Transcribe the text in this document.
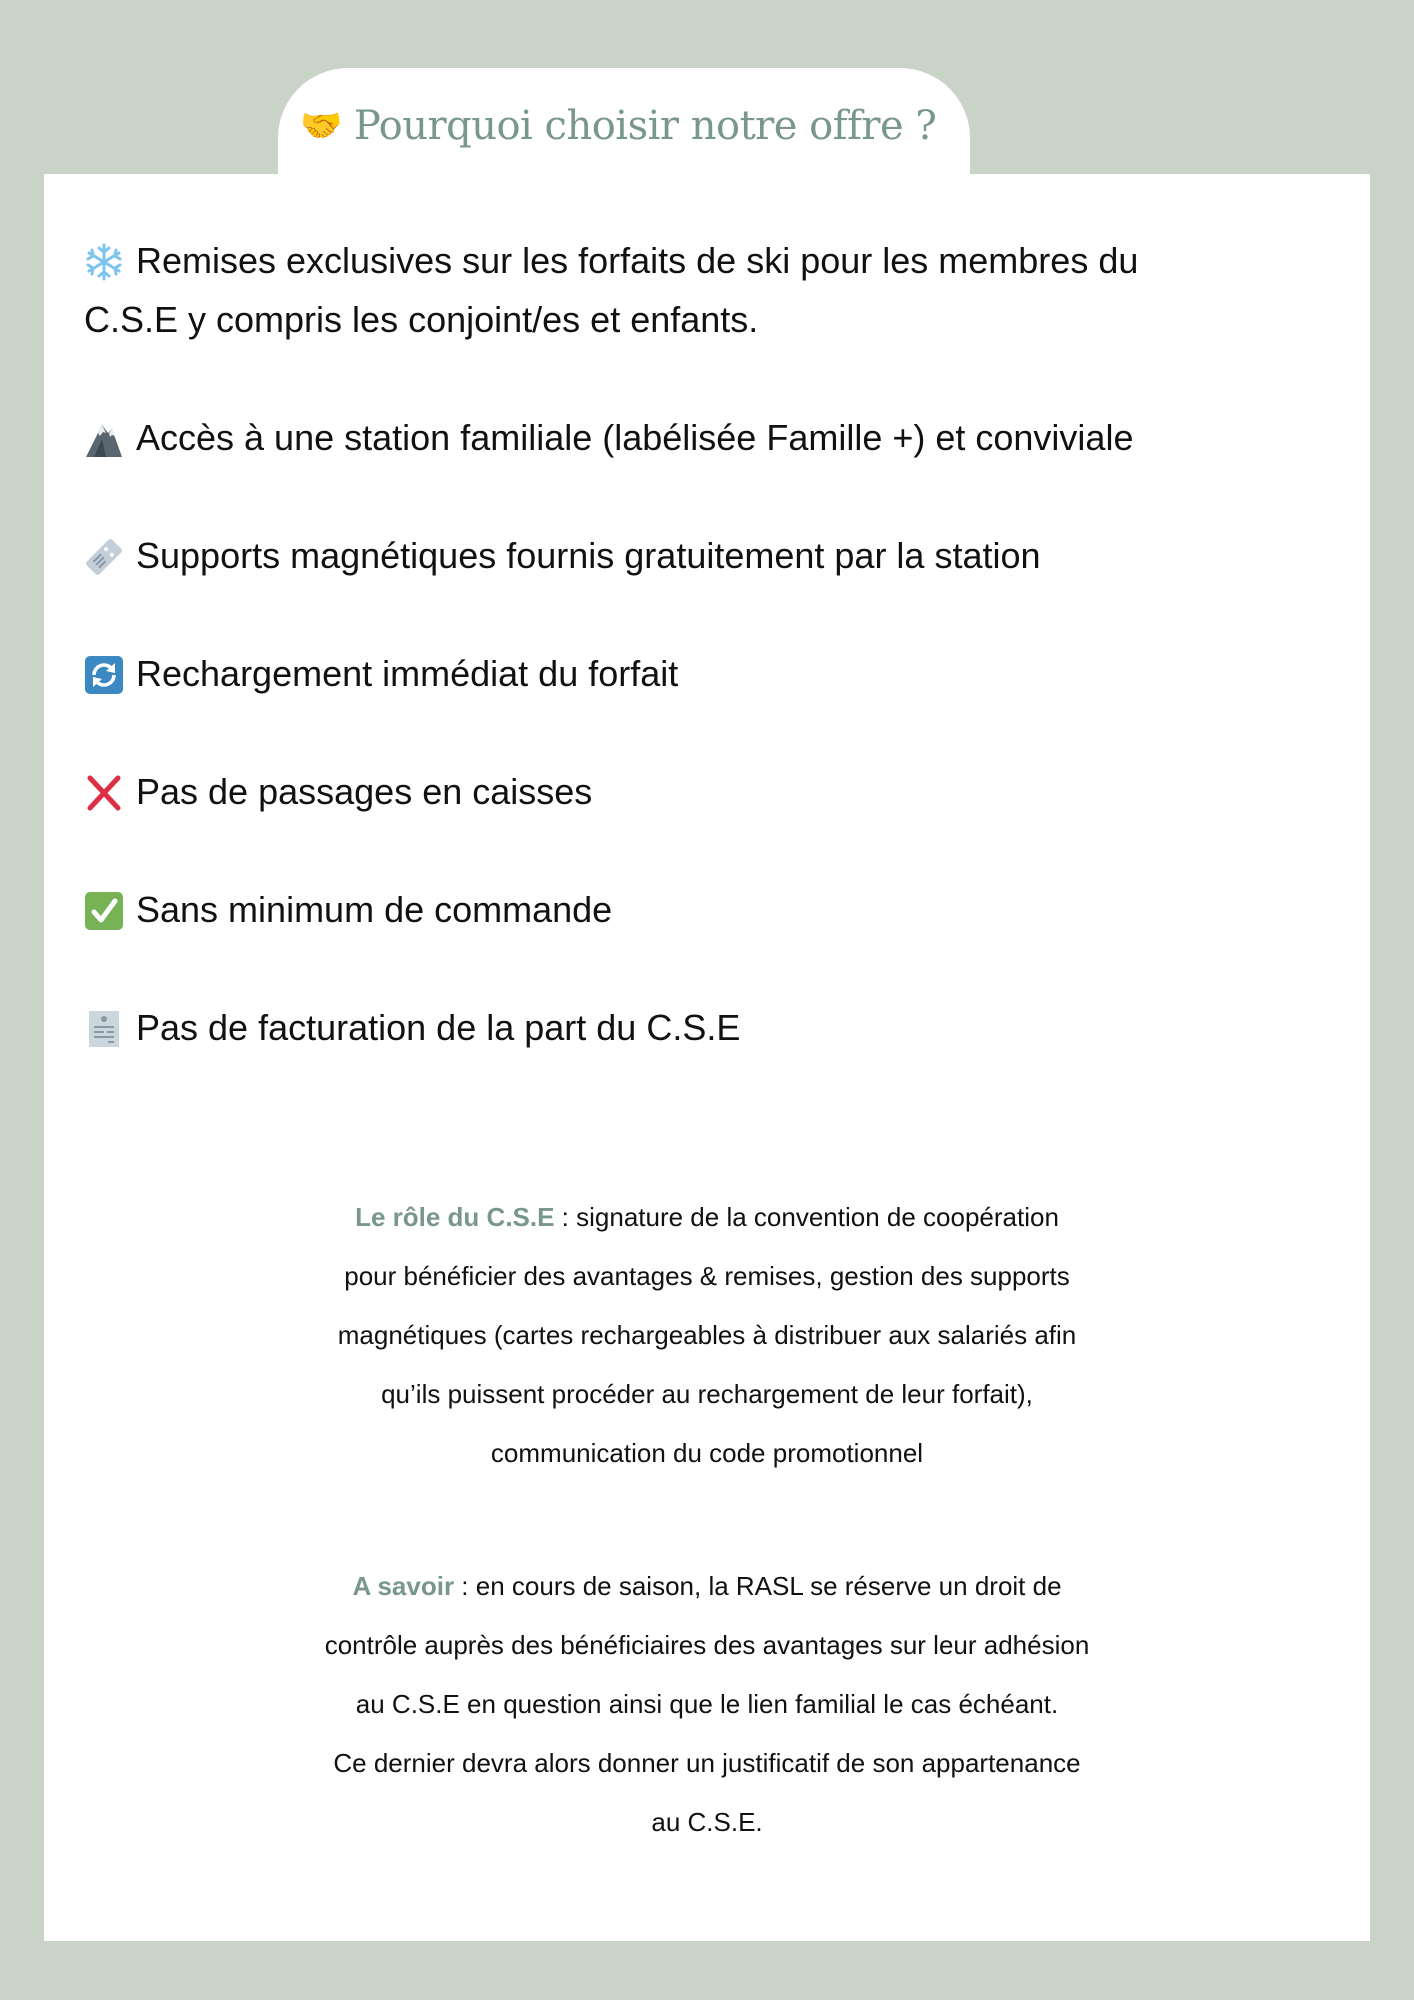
🤝 Pourquoi choisir notre offre ?
Remises exclusives sur les forfaits de ski pour les membres du
C.S.E y compris les conjoint/es et enfants.
Accès à une station familiale (labélisée Famille +) et conviviale
Supports magnétiques fournis gratuitement par la station
Rechargement immédiat du forfait
Pas de passages en caisses
Sans minimum de commande
Pas de facturation de la part du C.S.E
Le rôle du C.S.E : signature de la convention de coopération
pour bénéficier des avantages & remises, gestion des supports
magnétiques (cartes rechargeables à distribuer aux salariés afin
qu’ils puissent procéder au rechargement de leur forfait),
communication du code promotionnel
A savoir : en cours de saison, la RASL se réserve un droit de
contrôle auprès des bénéficiaires des avantages sur leur adhésion
au C.S.E en question ainsi que le lien familial le cas échéant.
Ce dernier devra alors donner un justificatif de son appartenance
au C.S.E.
